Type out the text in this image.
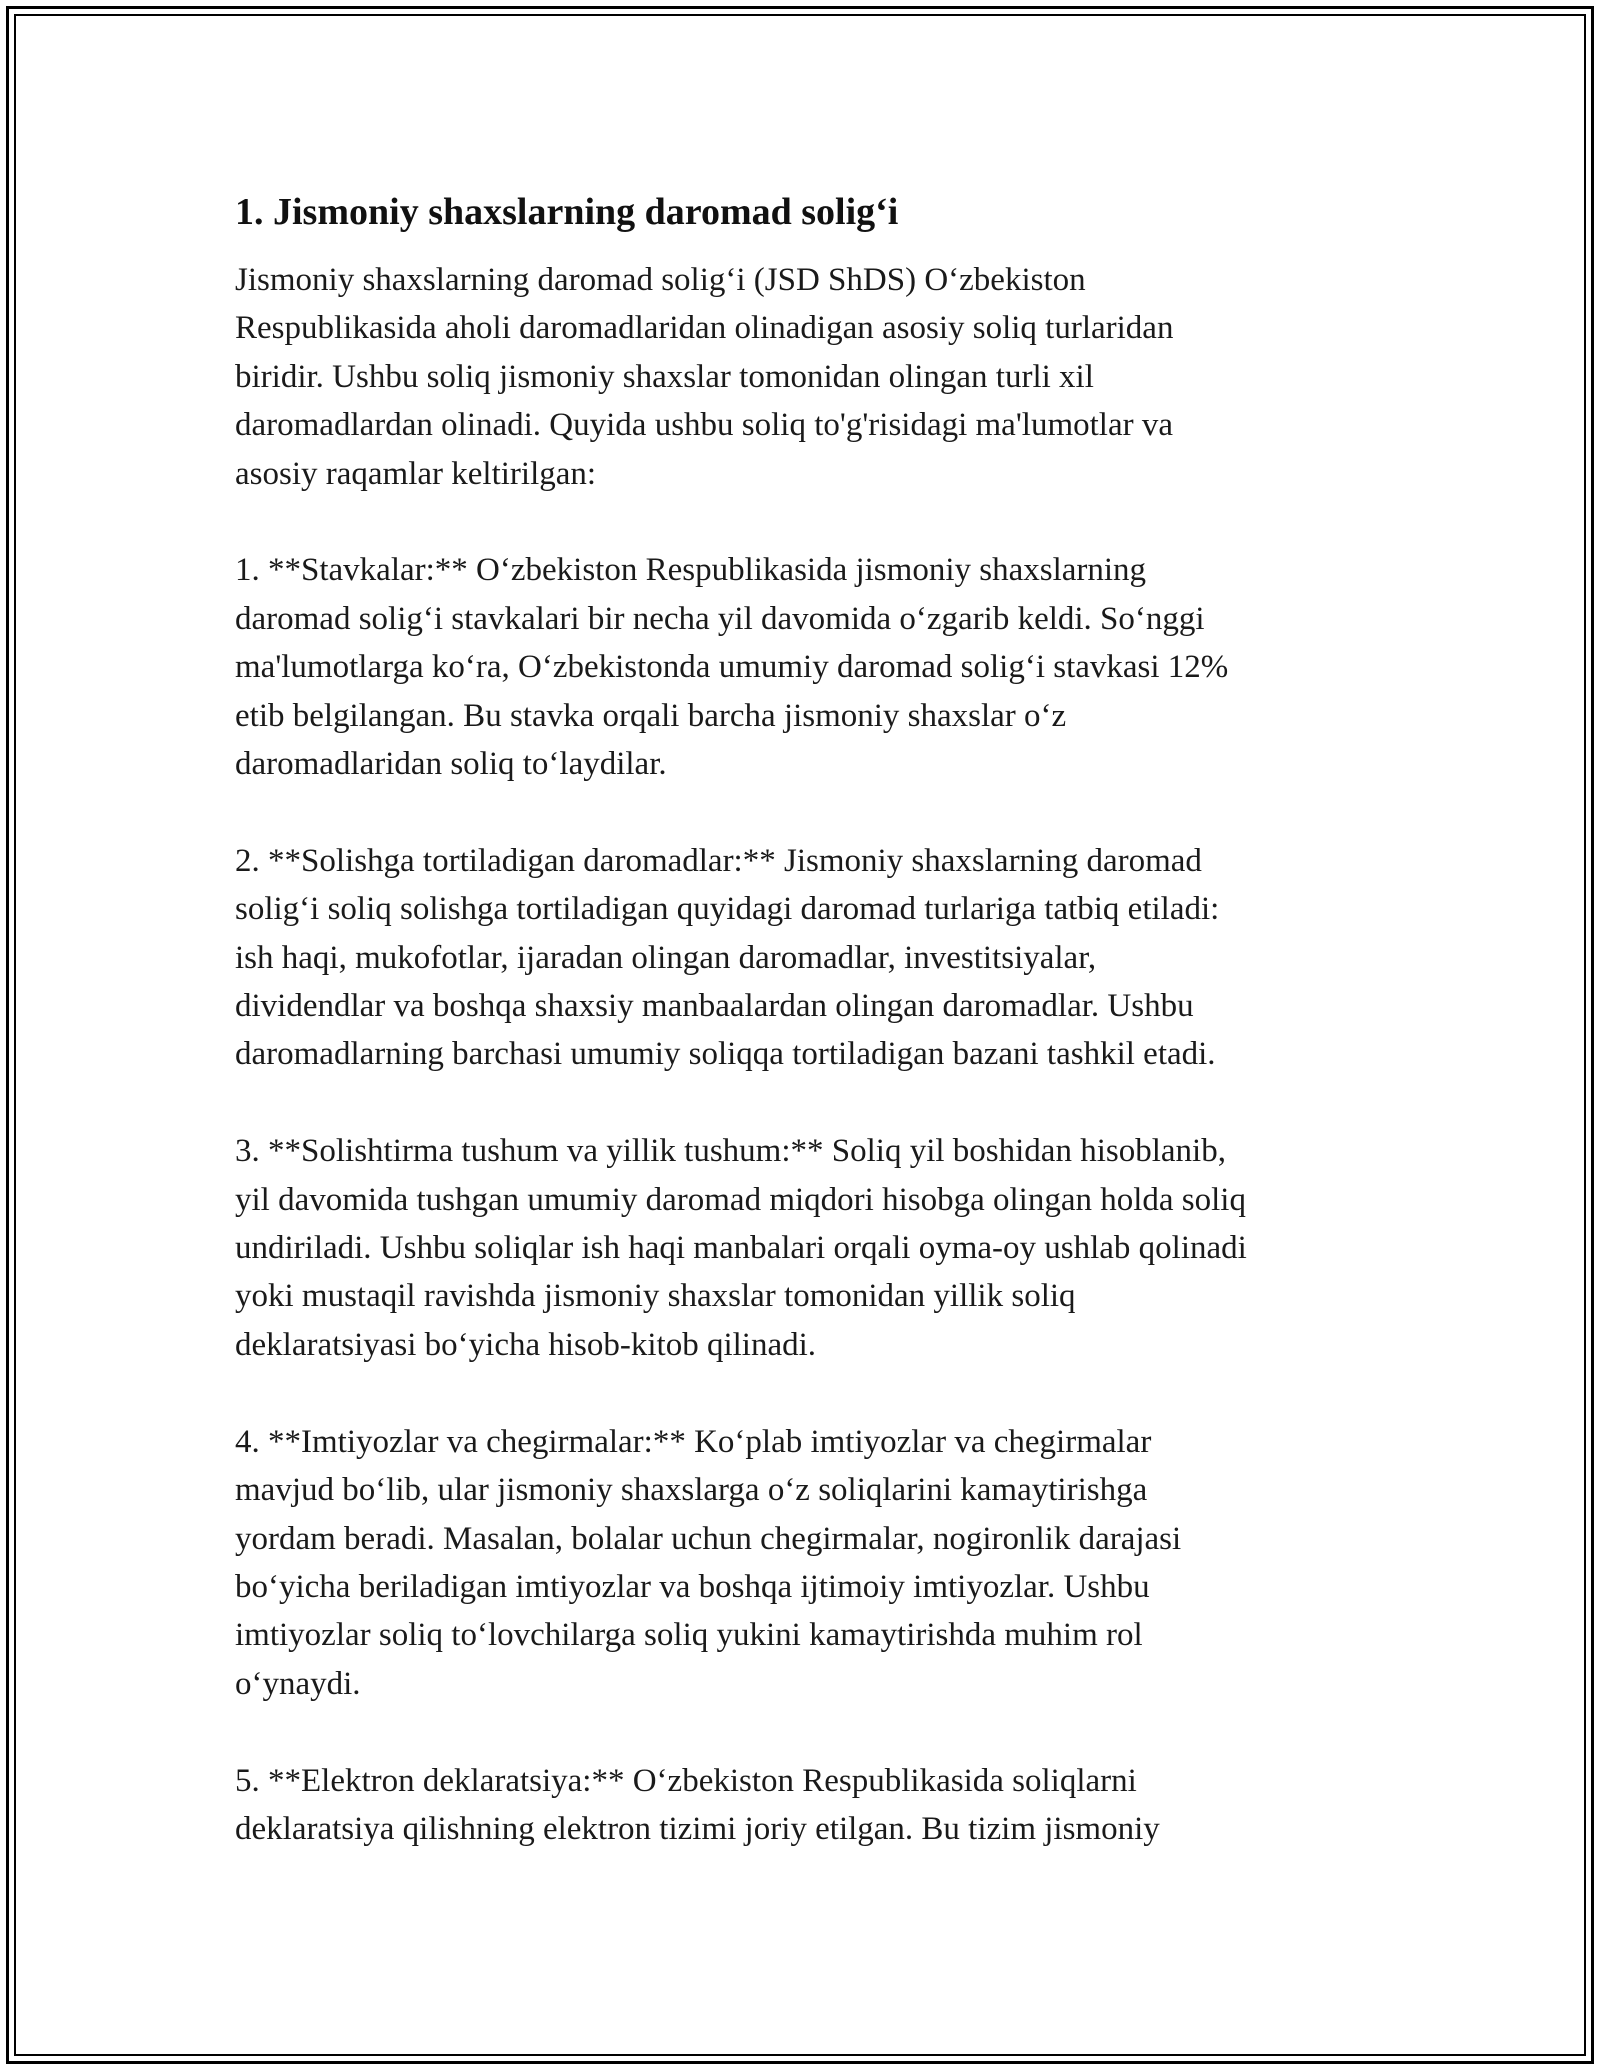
1. Jismoniy shaxslarning daromad solig‘i

Jismoniy shaxslarning daromad solig‘i (JSD ShDS) O‘zbekiston
Respublikasida aholi daromadlaridan olinadigan asosiy soliq turlaridan
biridir. Ushbu soliq jismoniy shaxslar tomonidan olingan turli xil
daromadlardan olinadi. Quyida ushbu soliq to'g'risidagi ma'lumotlar va
asosiy raqamlar keltirilgan:

1. **Stavkalar:** O‘zbekiston Respublikasida jismoniy shaxslarning
daromad solig‘i stavkalari bir necha yil davomida o‘zgarib keldi. So‘nggi
ma'lumotlarga ko‘ra, O‘zbekistonda umumiy daromad solig‘i stavkasi 12%
etib belgilangan. Bu stavka orqali barcha jismoniy shaxslar o‘z
daromadlaridan soliq to‘laydilar.

2. **Solishga tortiladigan daromadlar:** Jismoniy shaxslarning daromad
solig‘i soliq solishga tortiladigan quyidagi daromad turlariga tatbiq etiladi:
ish haqi, mukofotlar, ijaradan olingan daromadlar, investitsiyalar,
dividendlar va boshqa shaxsiy manbaalardan olingan daromadlar. Ushbu
daromadlarning barchasi umumiy soliqqa tortiladigan bazani tashkil etadi.

3. **Solishtirma tushum va yillik tushum:** Soliq yil boshidan hisoblanib,
yil davomida tushgan umumiy daromad miqdori hisobga olingan holda soliq
undiriladi. Ushbu soliqlar ish haqi manbalari orqali oyma-oy ushlab qolinadi
yoki mustaqil ravishda jismoniy shaxslar tomonidan yillik soliq
deklaratsiyasi bo‘yicha hisob-kitob qilinadi.

4. **Imtiyozlar va chegirmalar:** Ko‘plab imtiyozlar va chegirmalar
mavjud bo‘lib, ular jismoniy shaxslarga o‘z soliqlarini kamaytirishga
yordam beradi. Masalan, bolalar uchun chegirmalar, nogironlik darajasi
bo‘yicha beriladigan imtiyozlar va boshqa ijtimoiy imtiyozlar. Ushbu
imtiyozlar soliq to‘lovchilarga soliq yukini kamaytirishda muhim rol
o‘ynaydi.

5. **Elektron deklaratsiya:** O‘zbekiston Respublikasida soliqlarni
deklaratsiya qilishning elektron tizimi joriy etilgan. Bu tizim jismoniy
